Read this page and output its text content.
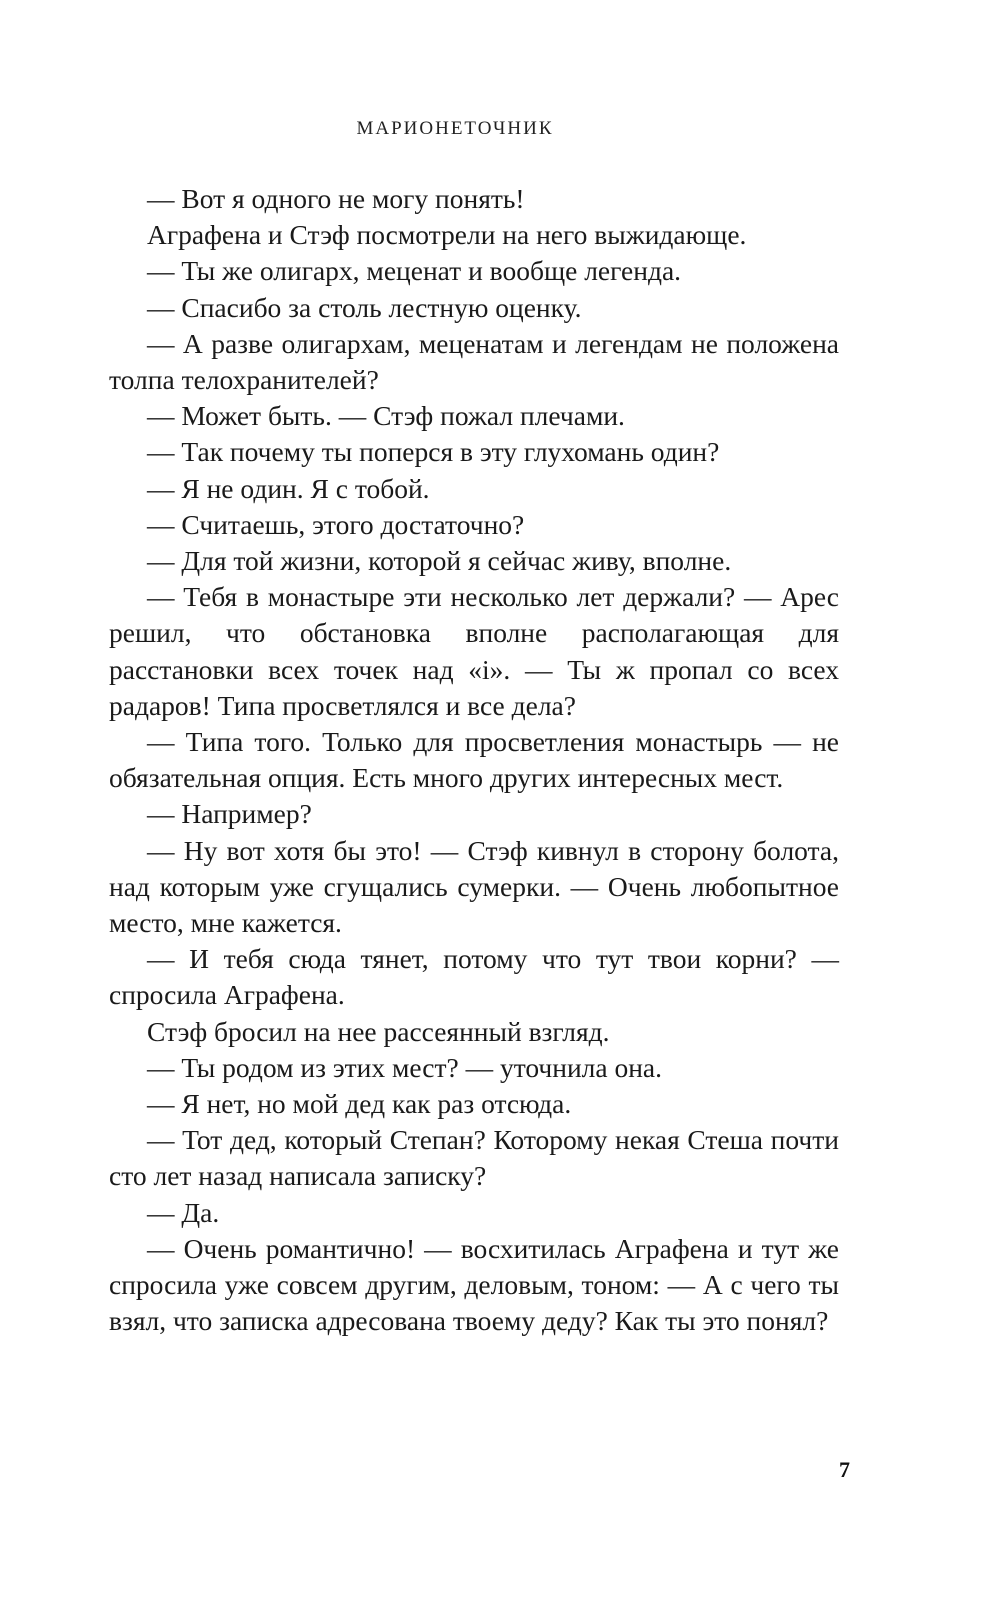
МАРИОНЕТОЧНИК

— Вот я одного не могу понять!

Аграфена и Стэф посмотрели на него выжидающе.

— Ты же олигарх, меценат и вообще легенда.

— Спасибо за столь лестную оценку.

— А разве олигархам, меценатам и легендам не положена толпа телохранителей?

— Может быть. — Стэф пожал плечами.

— Так почему ты поперся в эту глухомань один?

— Я не один. Я с тобой.

— Считаешь, этого достаточно?

— Для той жизни, которой я сейчас живу, вполне.

— Тебя в монастыре эти несколько лет держали? — Арес решил, что обстановка вполне располагающая для расстановки всех точек над «i». — Ты ж пропал со всех радаров! Типа просветлялся и все дела?

— Типа того. Только для просветления монастырь — не обязательная опция. Есть много других интересных мест.

— Например?

— Ну вот хотя бы это! — Стэф кивнул в сторону болота, над которым уже сгущались сумерки. — Очень любопытное место, мне кажется.

— И тебя сюда тянет, потому что тут твои корни? — спросила Аграфена.

Стэф бросил на нее рассеянный взгляд.

— Ты родом из этих мест? — уточнила она.

— Я нет, но мой дед как раз отсюда.

— Тот дед, который Степан? Которому некая Стеша почти сто лет назад написала записку?

— Да.

— Очень романтично! — восхитилась Аграфена и тут же спросила уже совсем другим, деловым, тоном: — А с чего ты взял, что записка адресована твоему деду? Как ты это понял?

7
